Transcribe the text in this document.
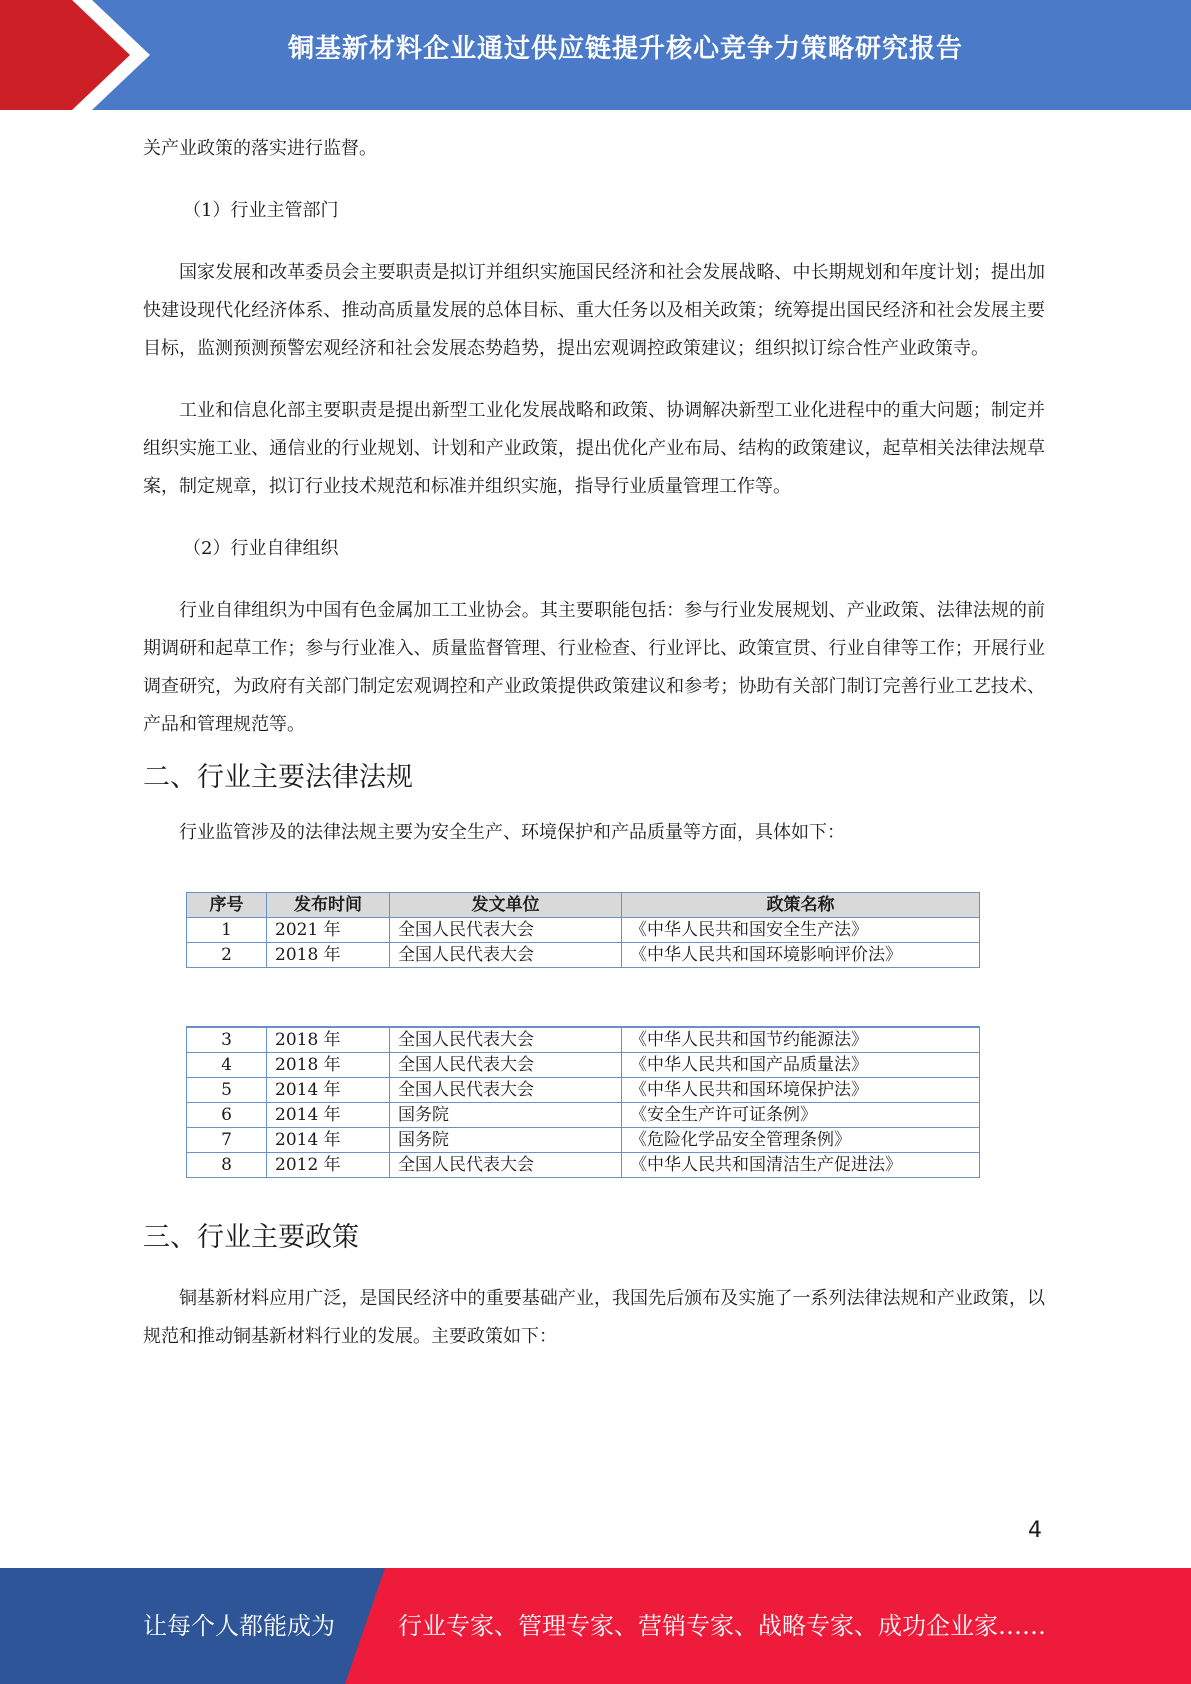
铜基新材料企业通过供应链提升核心竞争力策略研究报告

关产业政策的落实进行监督。

（1）行业主管部门

国家发展和改革委员会主要职责是拟订并组织实施国民经济和社会发展战略、中长期规划和年度计划；提出加快建设现代化经济体系、推动高质量发展的总体目标、重大任务以及相关政策；统筹提出国民经济和社会发展主要目标，监测预测预警宏观经济和社会发展态势趋势，提出宏观调控政策建议；组织拟订综合性产业政策寺。

工业和信息化部主要职责是提出新型工业化发展战略和政策、协调解决新型工业化进程中的重大问题；制定并组织实施工业、通信业的行业规划、计划和产业政策，提出优化产业布局、结构的政策建议，起草相关法律法规草案，制定规章，拟订行业技术规范和标准并组织实施，指导行业质量管理工作等。

（2）行业自律组织

行业自律组织为中国有色金属加工工业协会。其主要职能包括：参与行业发展规划、产业政策、法律法规的前期调研和起草工作；参与行业准入、质量监督管理、行业检查、行业评比、政策宣贯、行业自律等工作；开展行业调查研究，为政府有关部门制定宏观调控和产业政策提供政策建议和参考；协助有关部门制订完善行业工艺技术、产品和管理规范等。

二、行业主要法律法规

行业监管涉及的法律法规主要为安全生产、环境保护和产品质量等方面，具体如下：

序号	发布时间	发文单位	政策名称
1	2021 年	全国人民代表大会	《中华人民共和国安全生产法》
2	2018 年	全国人民代表大会	《中华人民共和国环境影响评价法》
3	2018 年	全国人民代表大会	《中华人民共和国节约能源法》
4	2018 年	全国人民代表大会	《中华人民共和国产品质量法》
5	2014 年	全国人民代表大会	《中华人民共和国环境保护法》
6	2014 年	国务院	《安全生产许可证条例》
7	2014 年	国务院	《危险化学品安全管理条例》
8	2012 年	全国人民代表大会	《中华人民共和国清洁生产促进法》
三、行业主要政策

铜基新材料应用广泛，是国民经济中的重要基础产业，我国先后颁布及实施了一系列法律法规和产业政策，以规范和推动铜基新材料行业的发展。主要政策如下：

4
让每个人都能成为	行业专家、管理专家、营销专家、战略专家、成功企业家……
